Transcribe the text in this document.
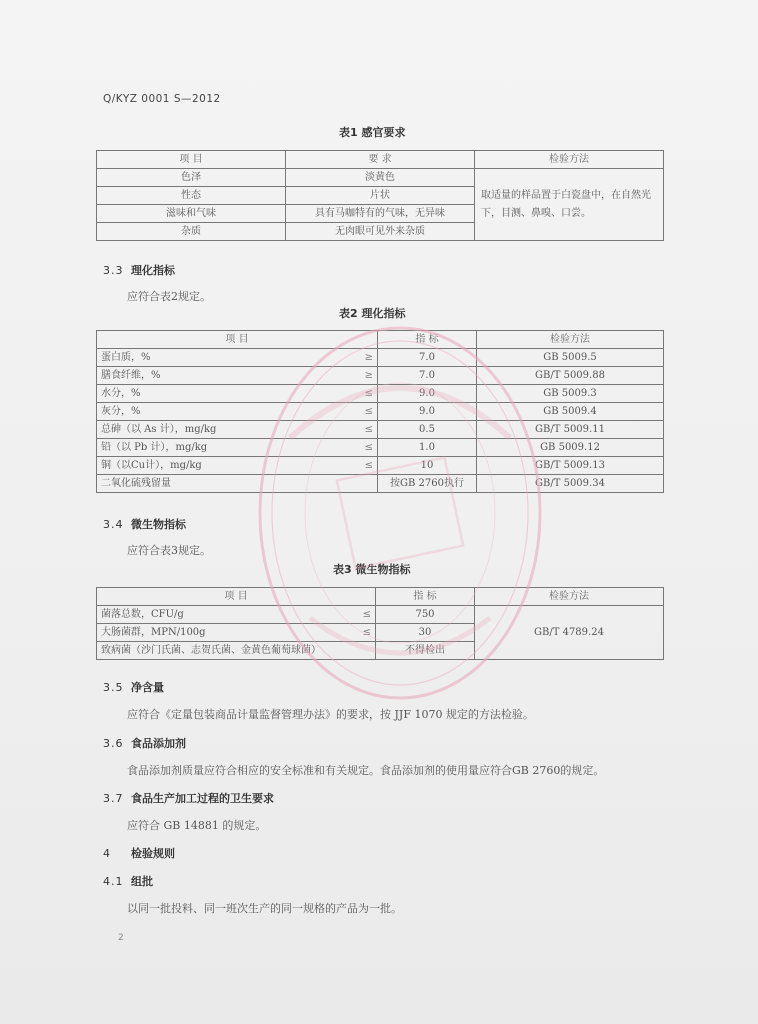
Q/KYZ 0001 S—2012
表1 感官要求
项 目	要 求	检验方法
色泽	淡黄色	取适量的样品置于白瓷盘中，在自然光下，目测、鼻嗅、口尝。
性态	片状	
滋味和气味	具有马咖特有的气味，无异味	
杂质	无肉眼可见外来杂质	
3.3 理化指标
应符合表2规定。
表2 理化指标
项 目	指 标	检验方法
蛋白质，% ≥	7.0	GB 5009.5
膳食纤维，% ≥	7.0	GB/T 5009.88
水分，% ≤	9.0	GB 5009.3
灰分，% ≤	9.0	GB 5009.4
总砷（以 As 计），mg/kg ≤	0.5	GB/T 5009.11
铅（以 Pb 计），mg/kg ≤	1.0	GB 5009.12
铜（以Cu计），mg/kg ≤	10	GB/T 5009.13
二氧化硫残留量	按GB 2760执行	GB/T 5009.34
3.4 微生物指标
应符合表3规定。
表3 微生物指标
项 目	指 标	检验方法
菌落总数，CFU/g ≤	750	GB/T 4789.24
大肠菌群，MPN/100g ≤	30	
致病菌（沙门氏菌、志贺氏菌、金黄色葡萄球菌）	不得检出	
3.5 净含量
应符合《定量包装商品计量监督管理办法》的要求，按 JJF 1070 规定的方法检验。
3.6 食品添加剂
食品添加剂质量应符合相应的安全标准和有关规定。食品添加剂的使用量应符合GB 2760的规定。
3.7 食品生产加工过程的卫生要求
应符合 GB 14881 的规定。
4 检验规则
4.1 组批
以同一批投料、同一班次生产的同一规格的产品为一批。
2
